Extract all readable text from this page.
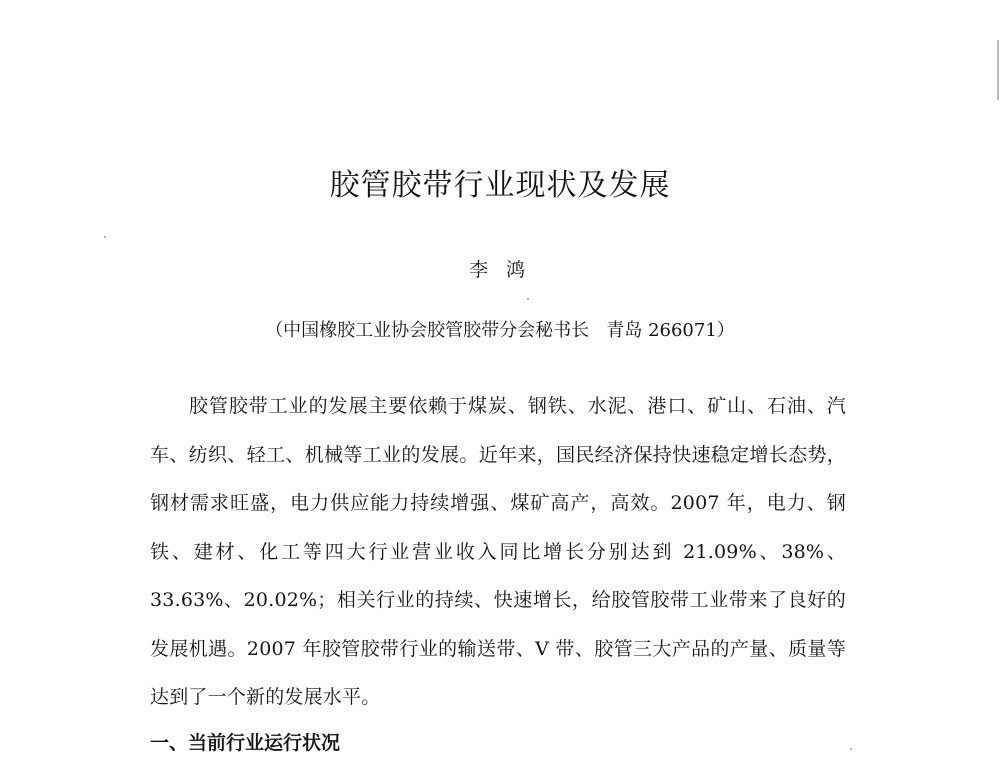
胶管胶带行业现状及发展
李 鸿
（中国橡胶工业协会胶管胶带分会秘书长   青岛 266071）

胶管胶带工业的发展主要依赖于煤炭、钢铁、水泥、港口、矿山、石油、汽车、纺织、轻工、机械等工业的发展。近年来，国民经济保持快速稳定增长态势，钢材需求旺盛，电力供应能力持续增强、煤矿高产，高效。2007 年，电力、钢铁、建材、化工等四大行业营业收入同比增长分别达到 21.09%、38%、33.63%、20.02%；相关行业的持续、快速增长，给胶管胶带工业带来了良好的发展机遇。2007 年胶管胶带行业的输送带、V 带、胶管三大产品的产量、质量等达到了一个新的发展水平。

一、当前行业运行状况
